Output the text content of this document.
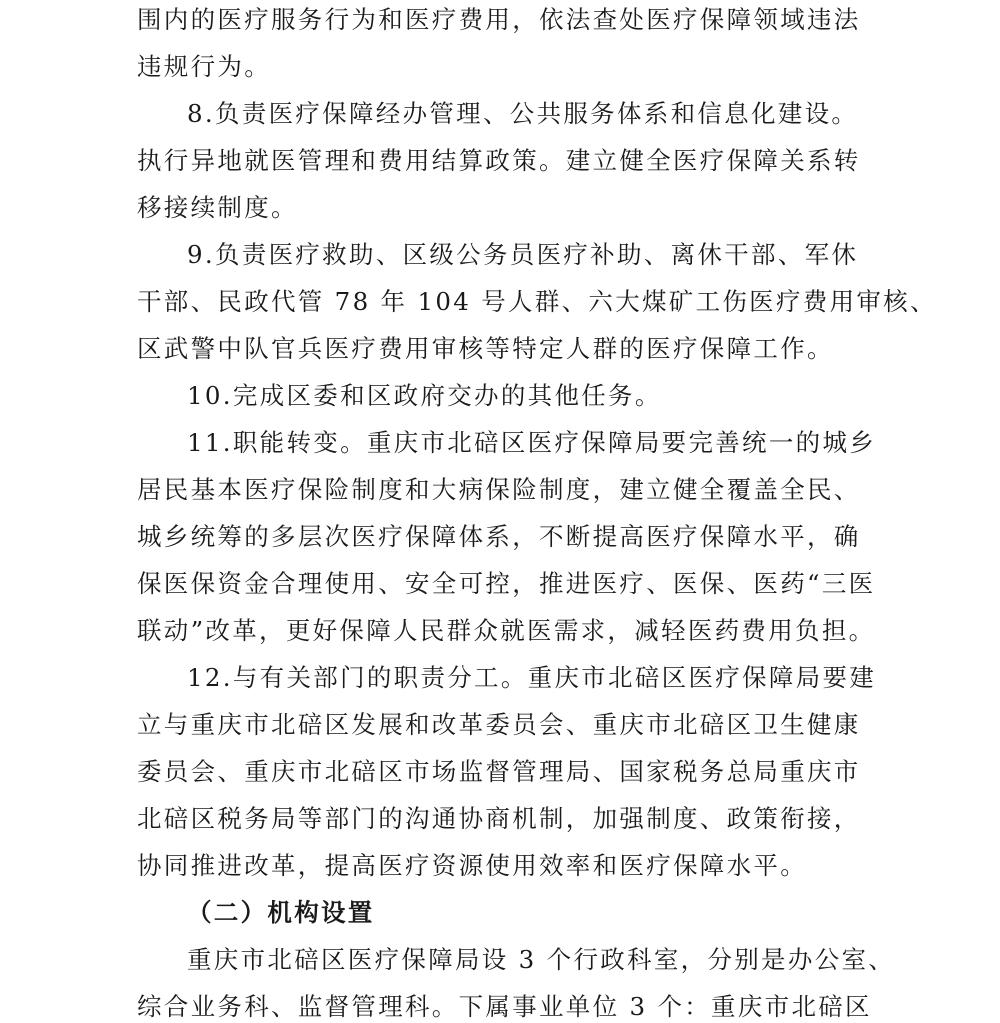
围内的医疗服务行为和医疗费用，依法查处医疗保障领域违法
违规行为。
8.负责医疗保障经办管理、公共服务体系和信息化建设。
执行异地就医管理和费用结算政策。建立健全医疗保障关系转
移接续制度。
9.负责医疗救助、区级公务员医疗补助、离休干部、军休
干部、民政代管 78 年 104 号人群、六大煤矿工伤医疗费用审核、
区武警中队官兵医疗费用审核等特定人群的医疗保障工作。
10.完成区委和区政府交办的其他任务。
11.职能转变。重庆市北碚区医疗保障局要完善统一的城乡
居民基本医疗保险制度和大病保险制度，建立健全覆盖全民、
城乡统筹的多层次医疗保障体系，不断提高医疗保障水平，确
保医保资金合理使用、安全可控，推进医疗、医保、医药“三医
联动”改革，更好保障人民群众就医需求，减轻医药费用负担。
12.与有关部门的职责分工。重庆市北碚区医疗保障局要建
立与重庆市北碚区发展和改革委员会、重庆市北碚区卫生健康
委员会、重庆市北碚区市场监督管理局、国家税务总局重庆市
北碚区税务局等部门的沟通协商机制，加强制度、政策衔接，
协同推进改革，提高医疗资源使用效率和医疗保障水平。
（二）机构设置
重庆市北碚区医疗保障局设 3 个行政科室，分别是办公室、
综合业务科、监督管理科。下属事业单位 3 个：重庆市北碚区
